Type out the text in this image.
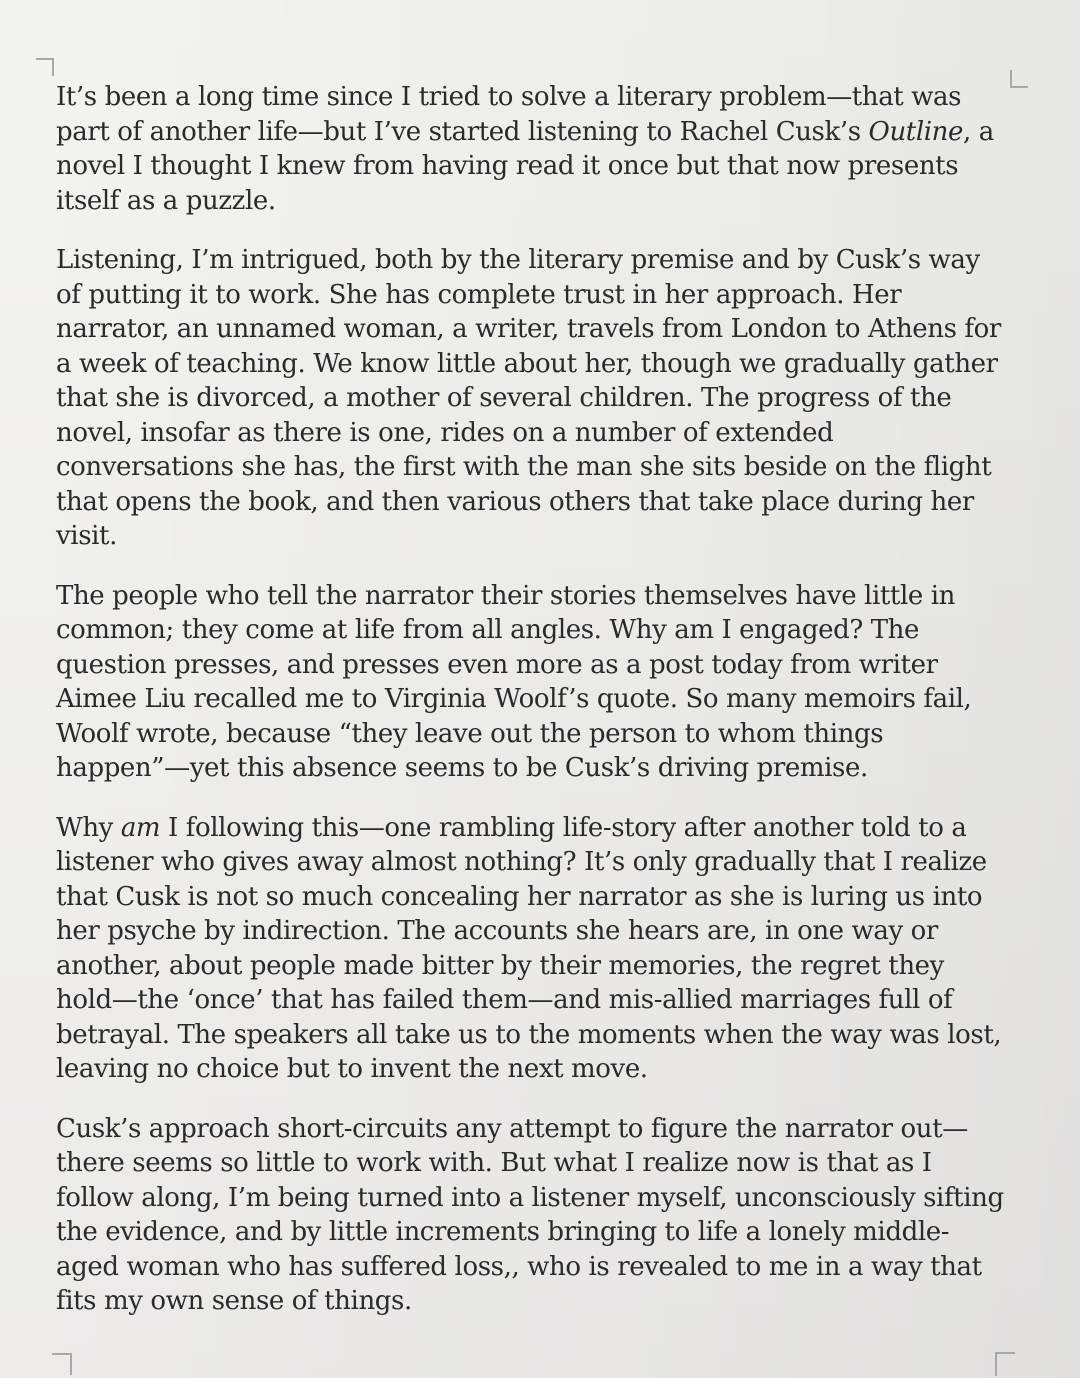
It’s been a long time since I tried to solve a literary problem—that was part of another life—but I’ve started listening to Rachel Cusk’s Outline, a novel I thought I knew from having read it once but that now presents itself as a puzzle.

Listening, I’m intrigued, both by the literary premise and by Cusk’s way of putting it to work. She has complete trust in her approach. Her narrator, an unnamed woman, a writer, travels from London to Athens for a week of teaching. We know little about her, though we gradually gather that she is divorced, a mother of several children. The progress of the novel, insofar as there is one, rides on a number of extended conversations she has, the first with the man she sits beside on the flight that opens the book, and then various others that take place during her visit.

The people who tell the narrator their stories themselves have little in common; they come at life from all angles. Why am I engaged? The question presses, and presses even more as a post today from writer Aimee Liu recalled me to Virginia Woolf’s quote. So many memoirs fail, Woolf wrote, because “they leave out the person to whom things happen”—yet this absence seems to be Cusk’s driving premise.

Why am I following this—one rambling life-story after another told to a listener who gives away almost nothing? It’s only gradually that I realize that Cusk is not so much concealing her narrator as she is luring us into her psyche by indirection. The accounts she hears are, in one way or another, about people made bitter by their memories, the regret they hold—the ‘once’ that has failed them—and mis-allied marriages full of betrayal. The speakers all take us to the moments when the way was lost, leaving no choice but to invent the next move.

Cusk’s approach short-circuits any attempt to figure the narrator out—there seems so little to work with. But what I realize now is that as I follow along, I’m being turned into a listener myself, unconsciously sifting the evidence, and by little increments bringing to life a lonely middle-aged woman who has suffered loss,, who is revealed to me in a way that fits my own sense of things.
